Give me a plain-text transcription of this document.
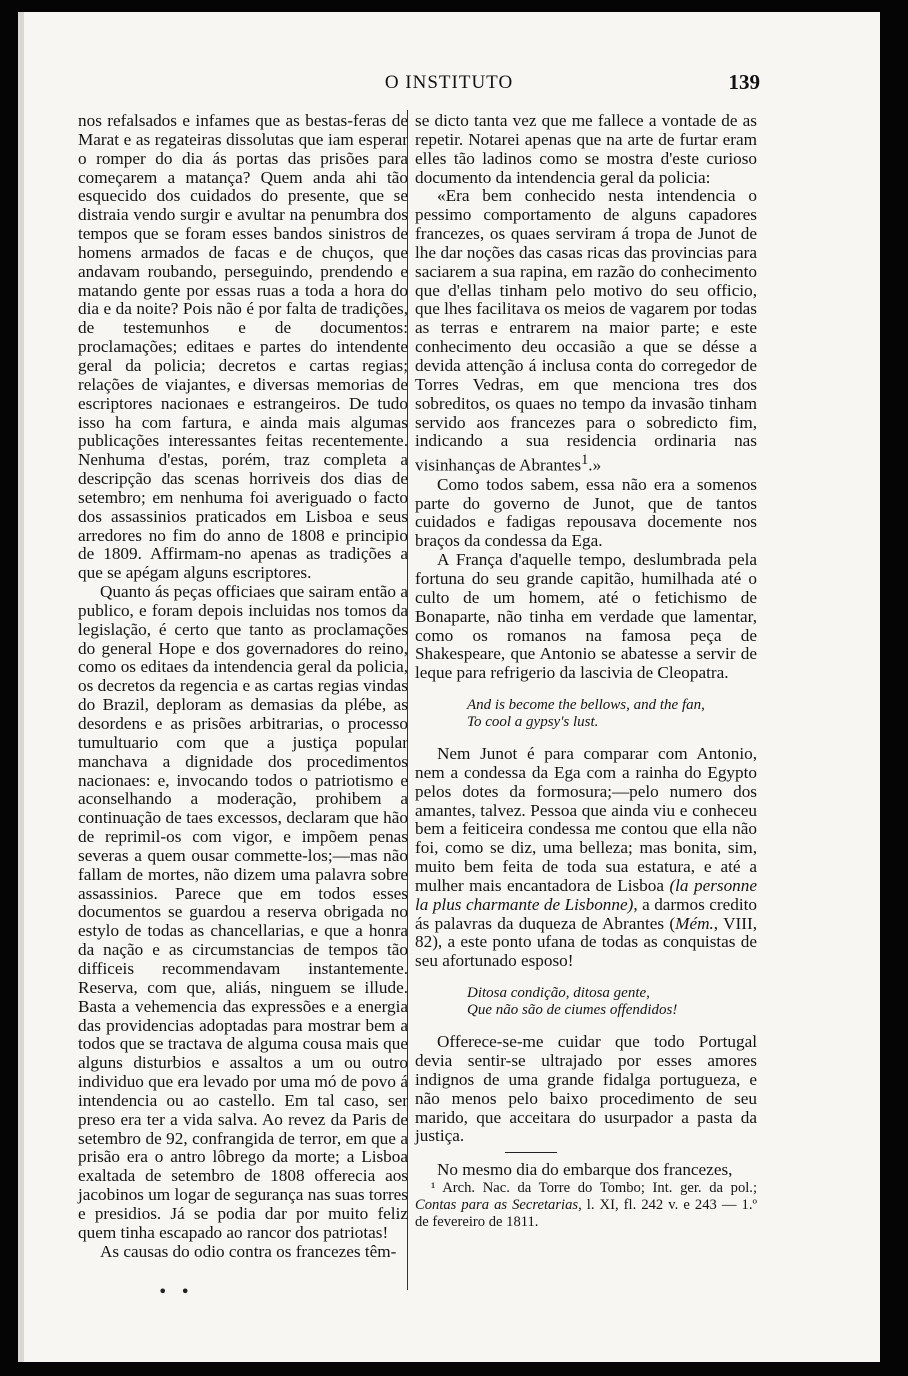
O INSTITUTO	139

nos refalsados e infames que as bestas-feras de Marat e as regateiras dissolutas que iam esperar o romper do dia ás portas das prisões para começarem a matança? Quem anda ahi tão esquecido dos cuidados do presente, que se distraia vendo surgir e avultar na penumbra dos tempos que se foram esses bandos sinistros de homens armados de facas e de chuços, que andavam roubando, perseguindo, prendendo e matando gente por essas ruas a toda a hora do dia e da noite? Pois não é por falta de tradições, de testemunhos e de documentos: proclamações; editaes e partes do intendente geral da policia; decretos e cartas regias; relações de viajantes, e diversas memorias de escriptores nacionaes e estrangeiros. De tudo isso ha com fartura, e ainda mais algumas publicações interessantes feitas recentemente. Nenhuma d'estas, porém, traz completa a descripção das scenas horriveis dos dias de setembro; em nenhuma foi averiguado o facto dos assassinios praticados em Lisboa e seus arredores no fim do anno de 1808 e principio de 1809. Affirmam-no apenas as tradições a que se apégam alguns escriptores.

Quanto ás peças officiaes que sairam então a publico, e foram depois incluidas nos tomos da legislação, é certo que tanto as proclamações do general Hope e dos governadores do reino, como os editaes da intendencia geral da policia, os decretos da regencia e as cartas regias vindas do Brazil, deploram as demasias da plébe, as desordens e as prisões arbitrarias, o processo tumultuario com que a justiça popular manchava a dignidade dos procedimentos nacionaes: e, invocando todos o patriotismo e aconselhando a moderação, prohibem a continuação de taes excessos, declaram que hão de reprimil-os com vigor, e impõem penas severas a quem ousar commette-los;—mas não fallam de mortes, não dizem uma palavra sobre assassinios. Parece que em todos esses documentos se guardou a reserva obrigada no estylo de todas as chancellarias, e que a honra da nação e as circumstancias de tempos tão difficeis recommendavam instantemente. Reserva, com que, aliás, ninguem se illude. Basta a vehemencia das expressões e a energia das providencias adoptadas para mostrar bem a todos que se tractava de alguma cousa mais que alguns disturbios e assaltos a um ou outro individuo que era levado por uma mó de povo á intendencia ou ao castello. Em tal caso, ser preso era ter a vida salva. Ao revez da Paris de setembro de 92, confrangida de terror, em que a prisão era o antro lôbrego da morte; a Lisboa exaltada de setembro de 1808 offerecia aos jacobinos um logar de segurança nas suas torres e presidios. Já se podia dar por muito feliz quem tinha escapado ao rancor dos patriotas!

As causas do odio contra os francezes têm-

se dicto tanta vez que me fallece a vontade de as repetir. Notarei apenas que na arte de furtar eram elles tão ladinos como se mostra d'este curioso documento da intendencia geral da policia:

«Era bem conhecido nesta intendencia o pessimo comportamento de alguns capadores francezes, os quaes serviram á tropa de Junot de lhe dar noções das casas ricas das provincias para saciarem a sua rapina, em razão do conhecimento que d'ellas tinham pelo motivo do seu officio, que lhes facilitava os meios de vagarem por todas as terras e entrarem na maior parte; e este conhecimento deu occasião a que se désse a devida attenção á inclusa conta do corregedor de Torres Vedras, em que menciona tres dos sobreditos, os quaes no tempo da invasão tinham servido aos francezes para o sobredicto fim, indicando a sua residencia ordinaria nas visinhanças de Abrantes$^1$.»

Como todos sabem, essa não era a somenos parte do governo de Junot, que de tantos cuidados e fadigas repousava docemente nos braços da condessa da Ega.

A França d'aquelle tempo, deslumbrada pela fortuna do seu grande capitão, humilhada até o culto de um homem, até o fetichismo de Bonaparte, não tinha em verdade que lamentar, como os romanos na famosa peça de Shakespeare, que Antonio se abatesse a servir de leque para refrigerio da lascivia de Cleopatra.

And is become the bellows, and the fan,
To cool a gypsy's lust.

Nem Junot é para comparar com Antonio, nem a condessa da Ega com a rainha do Egypto pelos dotes da formosura;—pelo numero dos amantes, talvez. Pessoa que ainda viu e conheceu bem a feiticeira condessa me contou que ella não foi, como se diz, uma belleza; mas bonita, sim, muito bem feita de toda sua estatura, e até a mulher mais encantadora de Lisboa (la personne la plus charmante de Lisbonne), a darmos credito ás palavras da duqueza de Abrantes (Mém., VIII, 82), a este ponto ufana de todas as conquistas de seu afortunado esposo!

Ditosa condição, ditosa gente,
Que não são de ciumes offendidos!

Offerece-se-me cuidar que todo Portugal devia sentir-se ultrajado por esses amores indignos de uma grande fidalga portugueza, e não menos pelo baixo procedimento de seu marido, que acceitara do usurpador a pasta da justiça.

No mesmo dia do embarque dos francezes,

¹ Arch. Nac. da Torre do Tombo; Int. ger. da pol.; Contas para as Secretarias, l. XI, fl. 242 v. e 243 — 1.º de fevereiro de 1811.

• •
